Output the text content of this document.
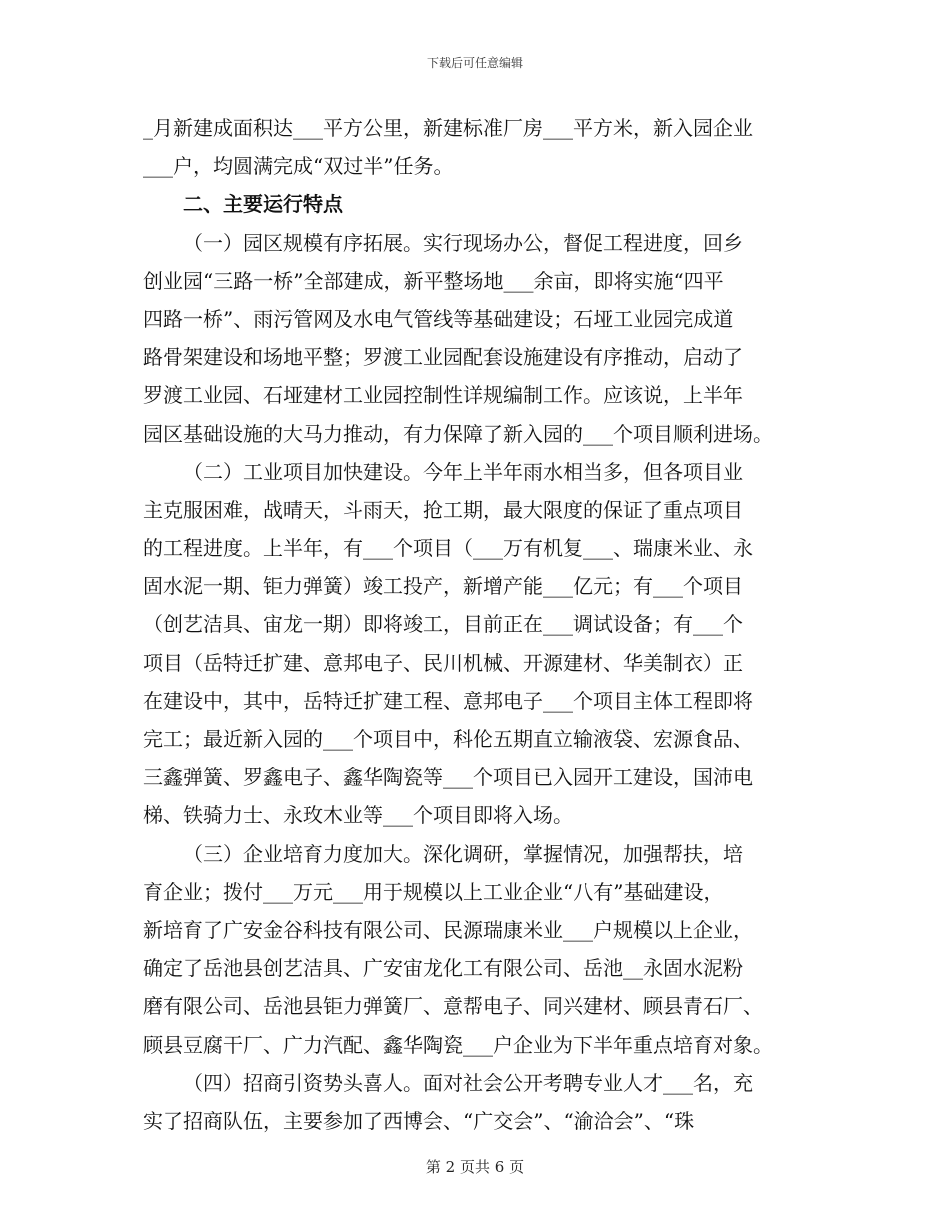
下载后可任意编辑
_月新建成面积达___平方公里，新建标准厂房___平方米，新入园企业
___户，均圆满完成“双过半”任务。
二、主要运行特点
（一）园区规模有序拓展。实行现场办公，督促工程进度，回乡
创业园“三路一桥”全部建成，新平整场地___余亩，即将实施“四平
四路一桥”、雨污管网及水电气管线等基础建设；石垭工业园完成道
路骨架建设和场地平整；罗渡工业园配套设施建设有序推动，启动了
罗渡工业园、石垭建材工业园控制性详规编制工作。应该说，上半年
园区基础设施的大马力推动，有力保障了新入园的___个项目顺利进场。
（二）工业项目加快建设。今年上半年雨水相当多，但各项目业
主克服困难，战晴天，斗雨天，抢工期，最大限度的保证了重点项目
的工程进度。上半年，有___个项目（___万有机复___、瑞康米业、永
固水泥一期、钜力弹簧）竣工投产，新增产能___亿元；有___个项目
（创艺洁具、宙龙一期）即将竣工，目前正在___调试设备；有___个
项目（岳特迁扩建、意邦电子、民川机械、开源建材、华美制衣）正
在建设中，其中，岳特迁扩建工程、意邦电子___个项目主体工程即将
完工；最近新入园的___个项目中，科伦五期直立输液袋、宏源食品、
三鑫弹簧、罗鑫电子、鑫华陶瓷等___个项目已入园开工建设，国沛电
梯、铁骑力士、永玫木业等___个项目即将入场。
（三）企业培育力度加大。深化调研，掌握情况，加强帮扶，培
育企业；拨付___万元___用于规模以上工业企业“八有”基础建设，
新培育了广安金谷科技有限公司、民源瑞康米业___户规模以上企业，
确定了岳池县创艺洁具、广安宙龙化工有限公司、岳池__永固水泥粉
磨有限公司、岳池县钜力弹簧厂、意帮电子、同兴建材、顾县青石厂、
顾县豆腐干厂、广力汽配、鑫华陶瓷___户企业为下半年重点培育对象。
（四）招商引资势头喜人。面对社会公开考聘专业人才___名，充
实了招商队伍，主要参加了西博会、“广交会”、“渝洽会”、“珠
第 2 页共 6 页
